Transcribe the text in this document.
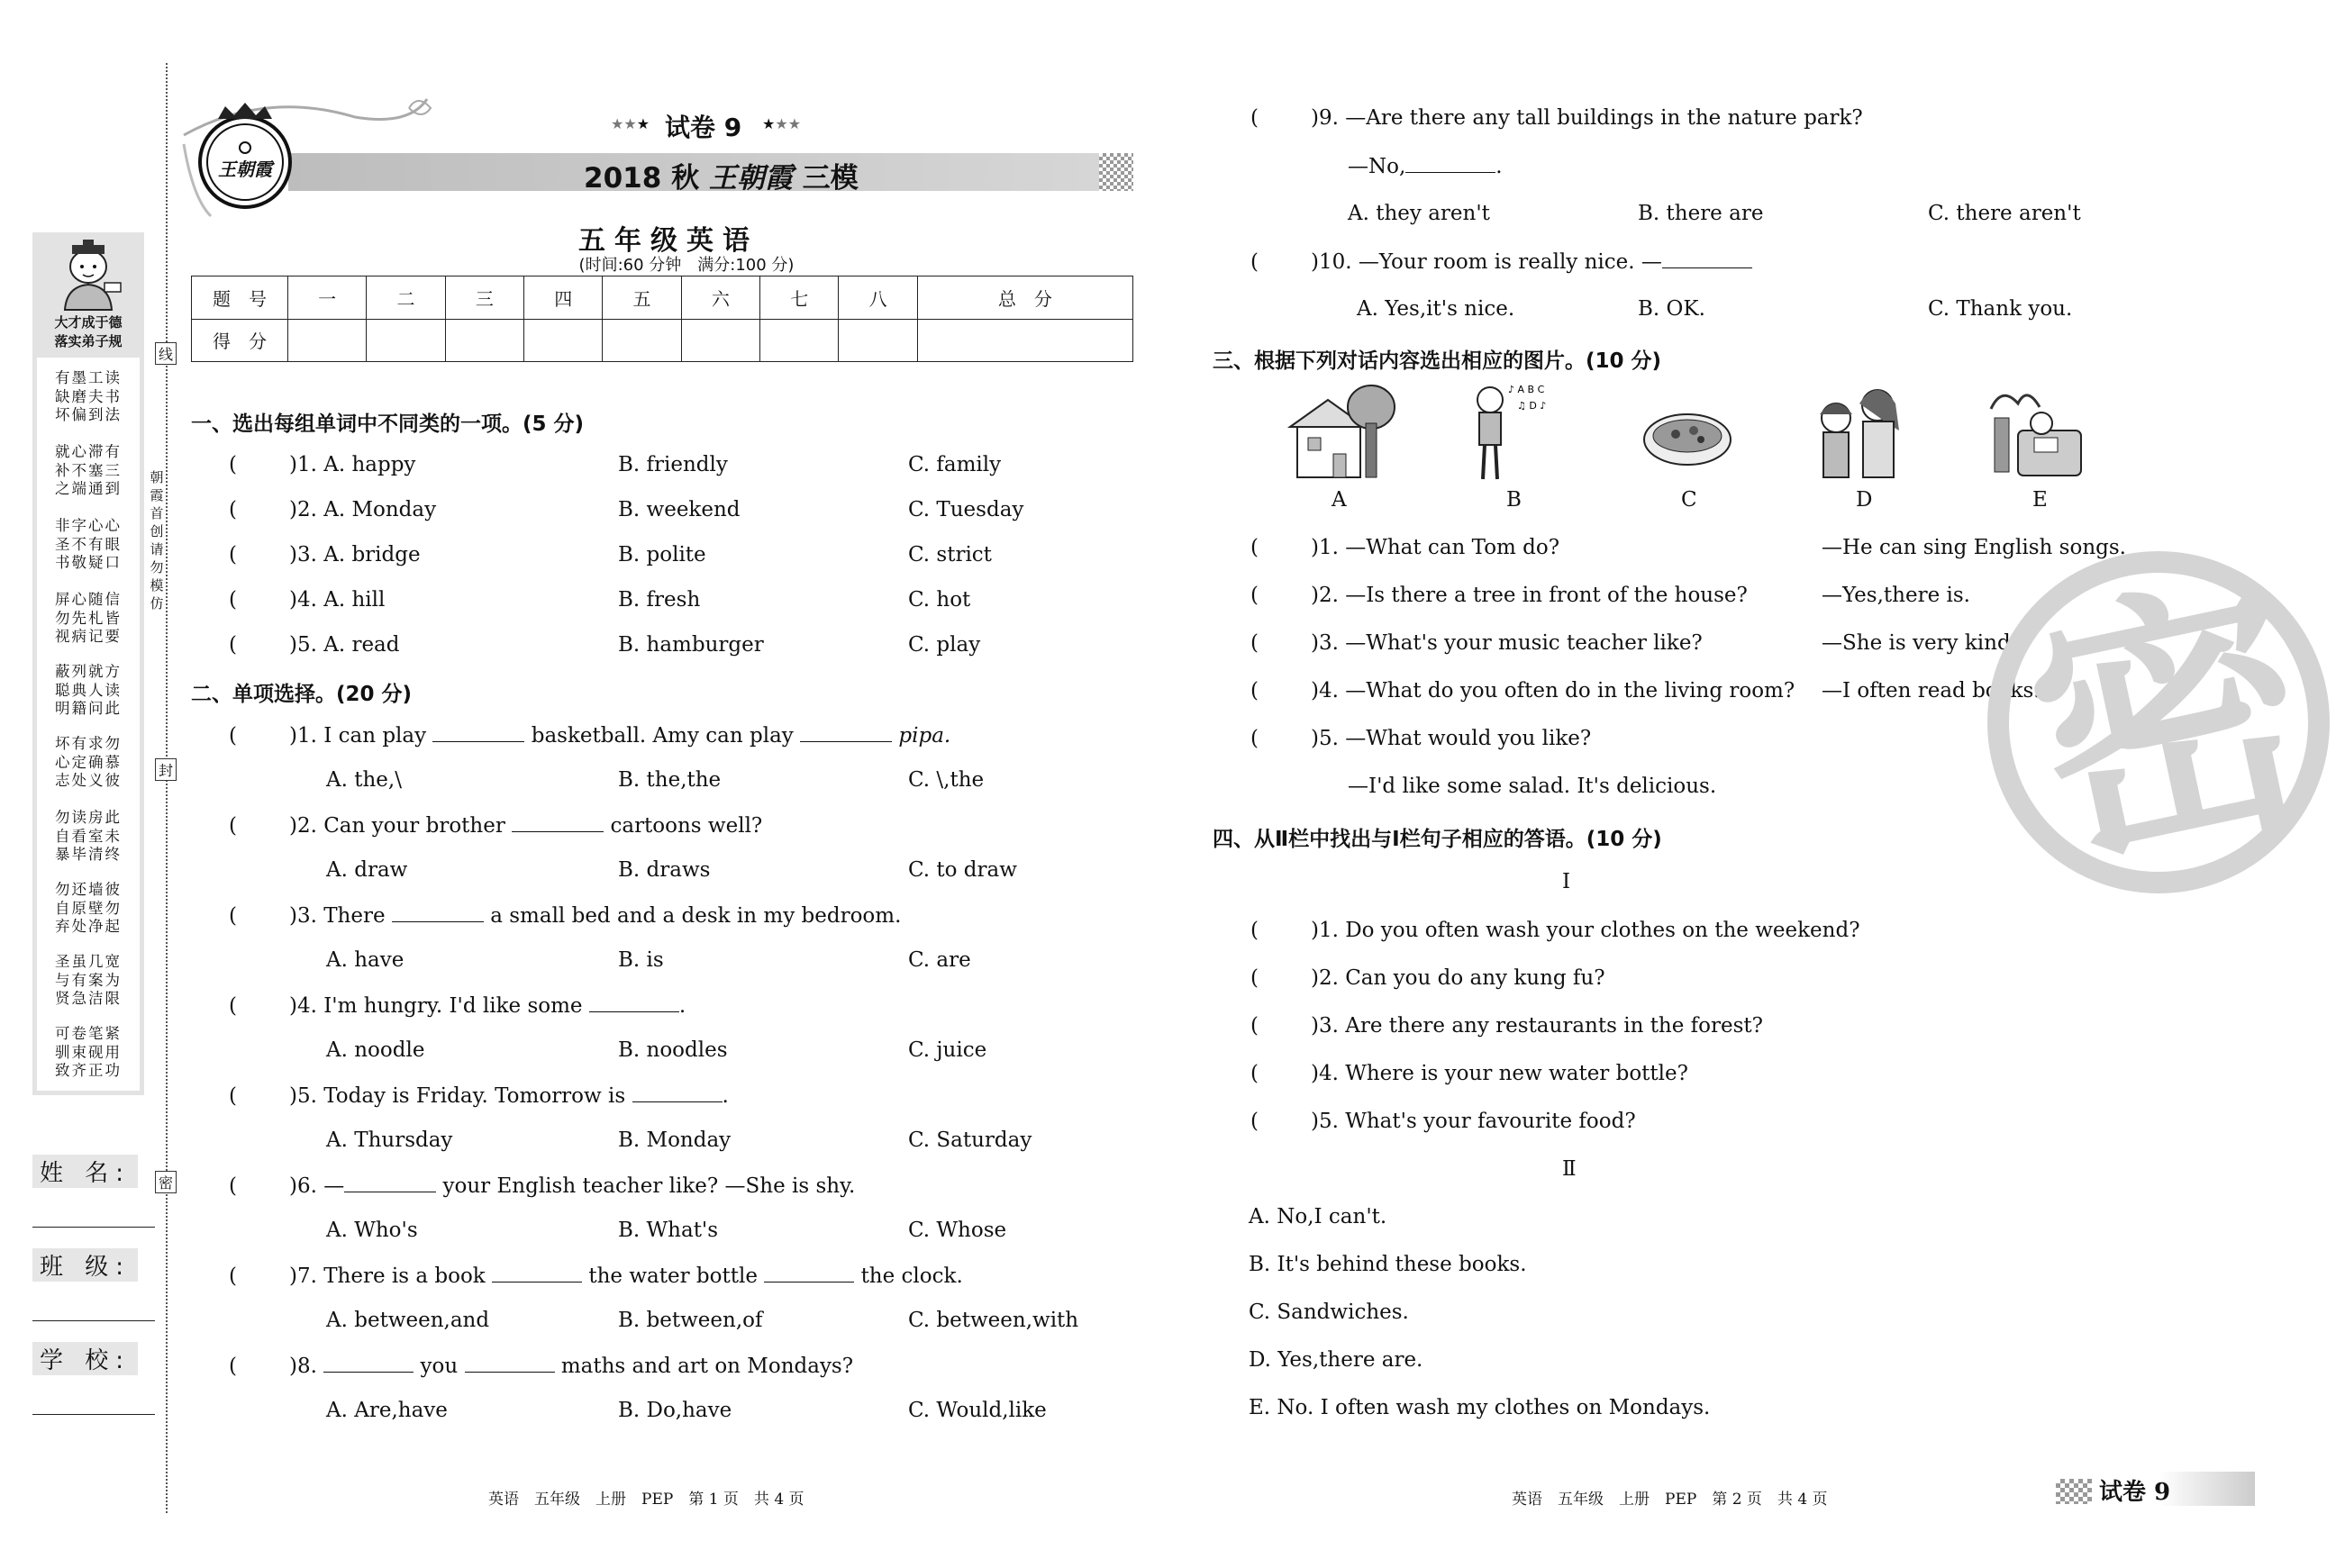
大才成于德
落实弟子规
有墨工读
缺磨夫书
坏偏到法
就心滞有
补不塞三
之端通到
非字心心
圣不有眼
书敬疑口
屏心随信
勿先札皆
视病记要
蔽列就方
聪典人读
明籍问此
坏有求勿
心定确慕
志处义彼
勿读房此
自看室未
暴毕清终
勿还墙彼
自原壁勿
弃处净起
圣虽几宽
与有案为
贤急洁限
可卷笔紧
驯束砚用
致齐正功
朝霞首创 请勿模仿
线
封
密
姓 名:
班 级:
学 校:
王朝霞
★★★ 试卷 9 ★★★
2018 秋 王朝霞 三模
五年级英语
(时间:60 分钟　满分:100 分)
题　号	一	二	三	四	五	六	七	八	总　分
得　分									
一、选出每组单词中不同类的一项。(5 分)
(	)1. A. happy	B. friendly	C. family
(	)2. A. Monday	B. weekend	C. Tuesday
(	)3. A. bridge	B. polite	C. strict
(	)4. A. hill	B. fresh	C. hot
(	)5. A. read	B. hamburger	C. play
二、单项选择。(20 分)
(	)1. I can play	basketball. Amy can play	pipa.
A. the,\	B. the,the	C. \,the
(	)2. Can your brother	cartoons well?
A. draw	B. draws	C. to draw
(	)3. There	a small bed and a desk in my bedroom.
A. have	B. is	C. are
(	)4. I'm hungry. I'd like some	.
A. noodle	B. noodles	C. juice
(	)5. Today is Friday. Tomorrow is	.
A. Thursday	B. Monday	C. Saturday
(	)6. —	your English teacher like? —She is shy.
A. Who's	B. What's	C. Whose
(	)7. There is a book	the water bottle	the clock.
A. between,and	B. between,of	C. between,with
(	)8.	you	maths and art on Mondays?
A. Are,have	B. Do,have	C. Would,like
(	)9. —Are there any tall buildings in the nature park?
—No,	.
A. they aren't	B. there are	C. there aren't
(	)10. —Your room is really nice. —
A. Yes,it's nice.	B. OK.	C. Thank you.
三、根据下列对话内容选出相应的图片。(10 分)
♪ A B C
♫ D ♪
A	B	C	D	E
(	)1. —What can Tom do?	—He can sing English songs.
(	)2. —Is there a tree in front of the house?	—Yes,there is.
(	)3. —What's your music teacher like?	—She is very kind.
(	)4. —What do you often do in the living room? —I often read books.
(	)5. —What would you like?
—I'd like some salad. It's delicious.
四、从Ⅱ栏中找出与Ⅰ栏句子相应的答语。(10 分)
Ⅰ
(	)1. Do you often wash your clothes on the weekend?
(	)2. Can you do any kung fu?
(	)3. Are there any restaurants in the forest?
(	)4. Where is your new water bottle?
(	)5. What's your favourite food?
Ⅱ
A. No,I can't.
B. It's behind these books.
C. Sandwiches.
D. Yes,there are.
E. No. I often wash my clothes on Mondays.
密
英语　五年级　上册　PEP　第 1 页　共 4 页	英语　五年级　上册　PEP　第 2 页　共 4 页	试卷 9
